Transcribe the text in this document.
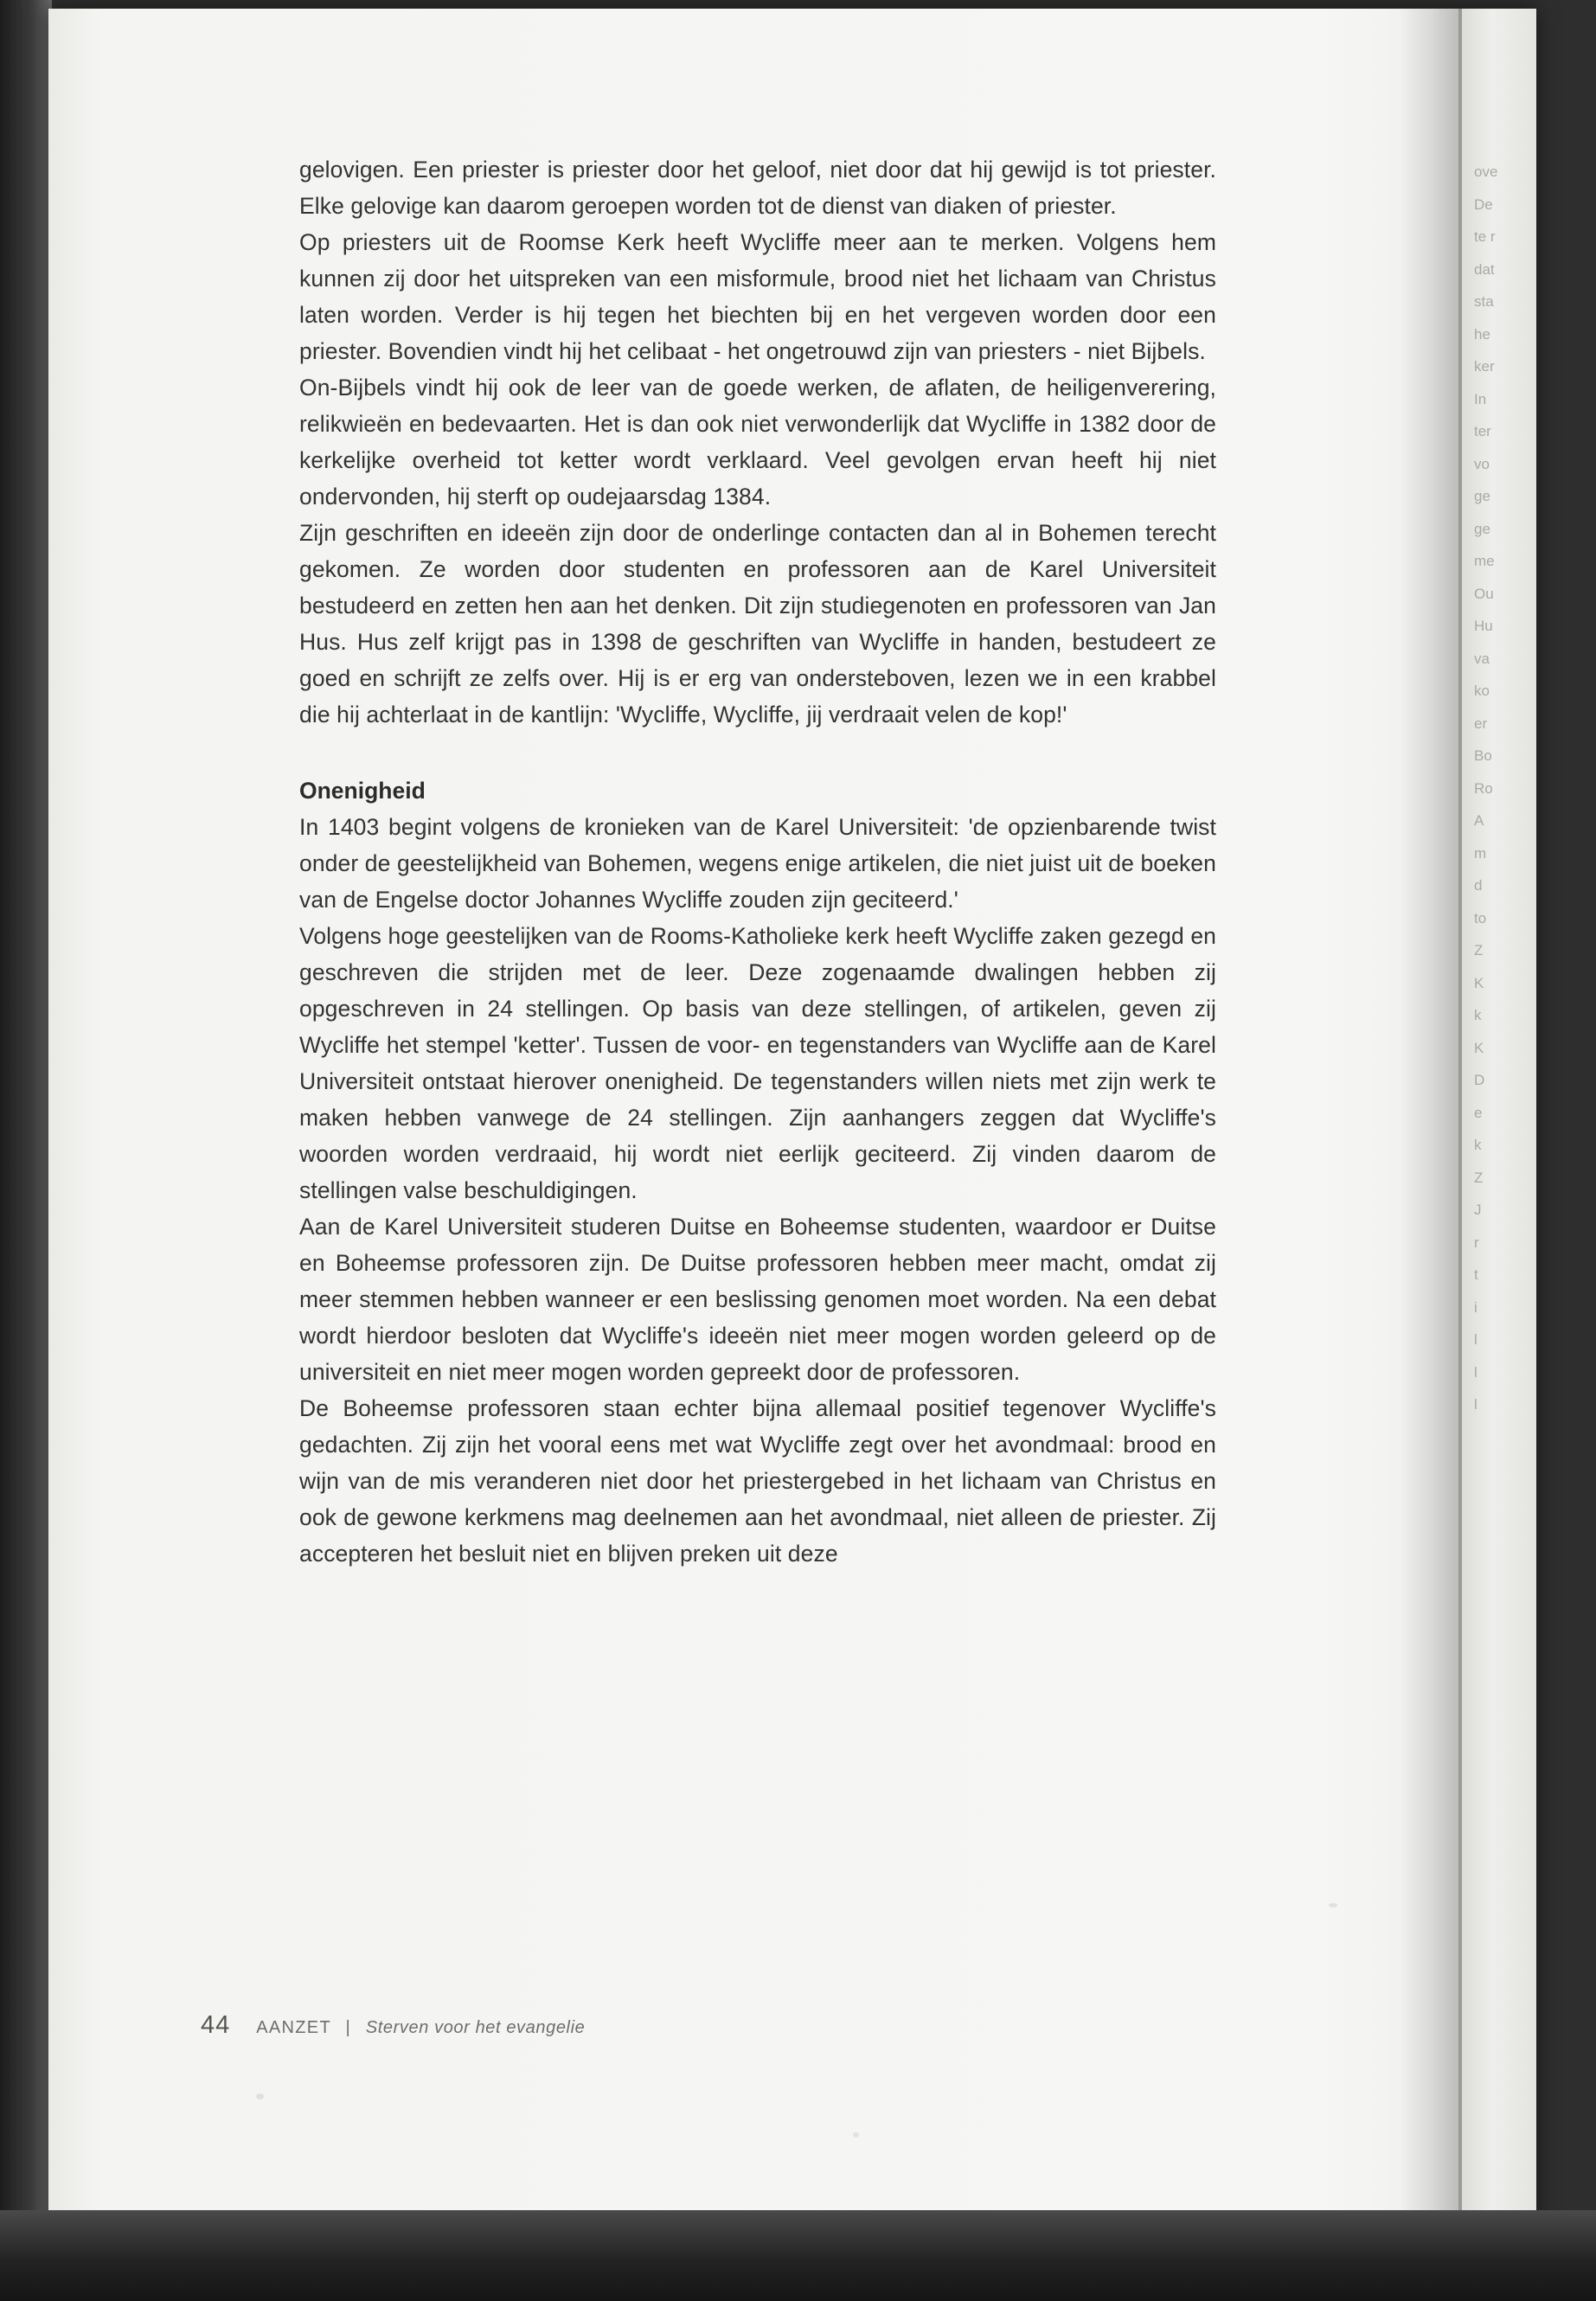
gelovigen. Een priester is priester door het geloof, niet door dat hij gewijd is tot priester. Elke gelovige kan daarom geroepen worden tot de dienst van diaken of priester.

Op priesters uit de Roomse Kerk heeft Wycliffe meer aan te merken. Volgens hem kunnen zij door het uitspreken van een misformule, brood niet het lichaam van Christus laten worden. Verder is hij tegen het biechten bij en het vergeven worden door een priester. Bovendien vindt hij het celibaat - het ongetrouwd zijn van priesters - niet Bijbels.

On-Bijbels vindt hij ook de leer van de goede werken, de aflaten, de heiligenverering, relikwieën en bedevaarten. Het is dan ook niet verwonderlijk dat Wycliffe in 1382 door de kerkelijke overheid tot ketter wordt verklaard. Veel gevolgen ervan heeft hij niet ondervonden, hij sterft op oudejaarsdag 1384.

Zijn geschriften en ideeën zijn door de onderlinge contacten dan al in Bohemen terecht gekomen. Ze worden door studenten en professoren aan de Karel Universiteit bestudeerd en zetten hen aan het denken. Dit zijn studiegenoten en professoren van Jan Hus. Hus zelf krijgt pas in 1398 de geschriften van Wycliffe in handen, bestudeert ze goed en schrijft ze zelfs over. Hij is er erg van ondersteboven, lezen we in een krabbel die hij achterlaat in de kantlijn: 'Wycliffe, Wycliffe, jij verdraait velen de kop!'

Onenigheid

In 1403 begint volgens de kronieken van de Karel Universiteit: 'de opzienbarende twist onder de geestelijkheid van Bohemen, wegens enige artikelen, die niet juist uit de boeken van de Engelse doctor Johannes Wycliffe zouden zijn geciteerd.'

Volgens hoge geestelijken van de Rooms-Katholieke kerk heeft Wycliffe zaken gezegd en geschreven die strijden met de leer. Deze zogenaamde dwalingen hebben zij opgeschreven in 24 stellingen. Op basis van deze stellingen, of artikelen, geven zij Wycliffe het stempel 'ketter'. Tussen de voor- en tegenstanders van Wycliffe aan de Karel Universiteit ontstaat hierover onenigheid. De tegenstanders willen niets met zijn werk te maken hebben vanwege de 24 stellingen. Zijn aanhangers zeggen dat Wycliffe's woorden worden verdraaid, hij wordt niet eerlijk geciteerd. Zij vinden daarom de stellingen valse beschuldigingen.

Aan de Karel Universiteit studeren Duitse en Boheemse studenten, waardoor er Duitse en Boheemse professoren zijn. De Duitse professoren hebben meer macht, omdat zij meer stemmen hebben wanneer er een beslissing genomen moet worden. Na een debat wordt hierdoor besloten dat Wycliffe's ideeën niet meer mogen worden geleerd op de universiteit en niet meer mogen worden gepreekt door de professoren.

De Boheemse professoren staan echter bijna allemaal positief tegenover Wycliffe's gedachten. Zij zijn het vooral eens met wat Wycliffe zegt over het avondmaal: brood en wijn van de mis veranderen niet door het priestergebed in het lichaam van Christus en ook de gewone kerkmens mag deelnemen aan het avondmaal, niet alleen de priester. Zij accepteren het besluit niet en blijven preken uit deze

44 AANZET | Sterven voor het evangelie
ove
De
te r
dat
sta
he
ker
In
ter
vo
ge
ge
me
Ou
Hu
va
ko
er
Bo
Ro
A
m
d
to
Z
K
k
K
D
e
k
Z
J
r
t
i
l
l
l
